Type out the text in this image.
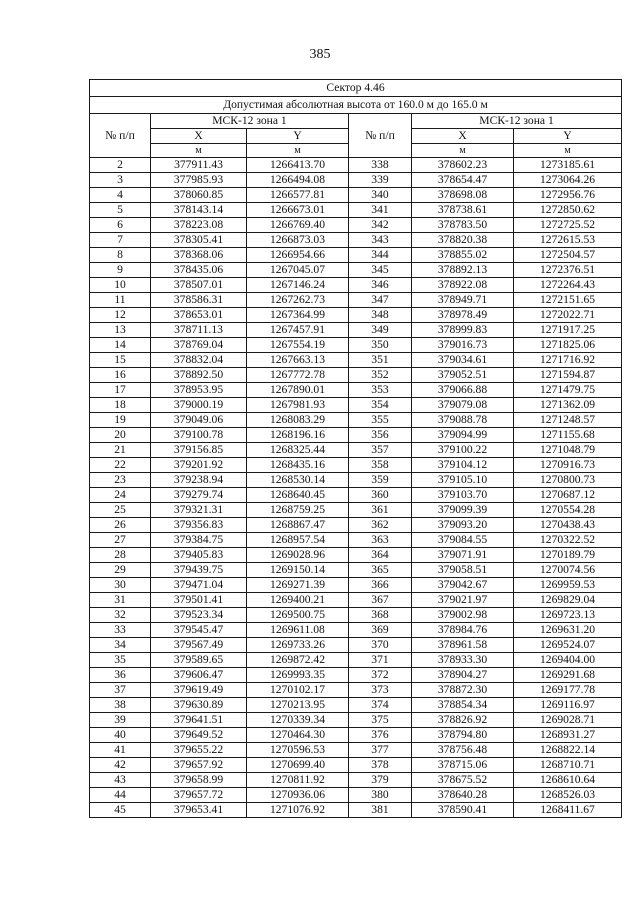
385
Сектор 4.46					
Допустимая абсолютная высота от 160.0 м до 165.0 м					
№ п/п	МСК-12 зона 1		№ п/п	МСК-12 зона 1	
	X	Y		X	Y
	м	м		м	м
2	377911.43	1266413.70	338	378602.23	1273185.61
3	377985.93	1266494.08	339	378654.47	1273064.26
4	378060.85	1266577.81	340	378698.08	1272956.76
5	378143.14	1266673.01	341	378738.61	1272850.62
6	378223.08	1266769.40	342	378783.50	1272725.52
7	378305.41	1266873.03	343	378820.38	1272615.53
8	378368.06	1266954.66	344	378855.02	1272504.57
9	378435.06	1267045.07	345	378892.13	1272376.51
10	378507.01	1267146.24	346	378922.08	1272264.43
11	378586.31	1267262.73	347	378949.71	1272151.65
12	378653.01	1267364.99	348	378978.49	1272022.71
13	378711.13	1267457.91	349	378999.83	1271917.25
14	378769.04	1267554.19	350	379016.73	1271825.06
15	378832.04	1267663.13	351	379034.61	1271716.92
16	378892.50	1267772.78	352	379052.51	1271594.87
17	378953.95	1267890.01	353	379066.88	1271479.75
18	379000.19	1267981.93	354	379079.08	1271362.09
19	379049.06	1268083.29	355	379088.78	1271248.57
20	379100.78	1268196.16	356	379094.99	1271155.68
21	379156.85	1268325.44	357	379100.22	1271048.79
22	379201.92	1268435.16	358	379104.12	1270916.73
23	379238.94	1268530.14	359	379105.10	1270800.73
24	379279.74	1268640.45	360	379103.70	1270687.12
25	379321.31	1268759.25	361	379099.39	1270554.28
26	379356.83	1268867.47	362	379093.20	1270438.43
27	379384.75	1268957.54	363	379084.55	1270322.52
28	379405.83	1269028.96	364	379071.91	1270189.79
29	379439.75	1269150.14	365	379058.51	1270074.56
30	379471.04	1269271.39	366	379042.67	1269959.53
31	379501.41	1269400.21	367	379021.97	1269829.04
32	379523.34	1269500.75	368	379002.98	1269723.13
33	379545.47	1269611.08	369	378984.76	1269631.20
34	379567.49	1269733.26	370	378961.58	1269524.07
35	379589.65	1269872.42	371	378933.30	1269404.00
36	379606.47	1269993.35	372	378904.27	1269291.68
37	379619.49	1270102.17	373	378872.30	1269177.78
38	379630.89	1270213.95	374	378854.34	1269116.97
39	379641.51	1270339.34	375	378826.92	1269028.71
40	379649.52	1270464.30	376	378794.80	1268931.27
41	379655.22	1270596.53	377	378756.48	1268822.14
42	379657.92	1270699.40	378	378715.06	1268710.71
43	379658.99	1270811.92	379	378675.52	1268610.64
44	379657.72	1270936.06	380	378640.28	1268526.03
45	379653.41	1271076.92	381	378590.41	1268411.67
